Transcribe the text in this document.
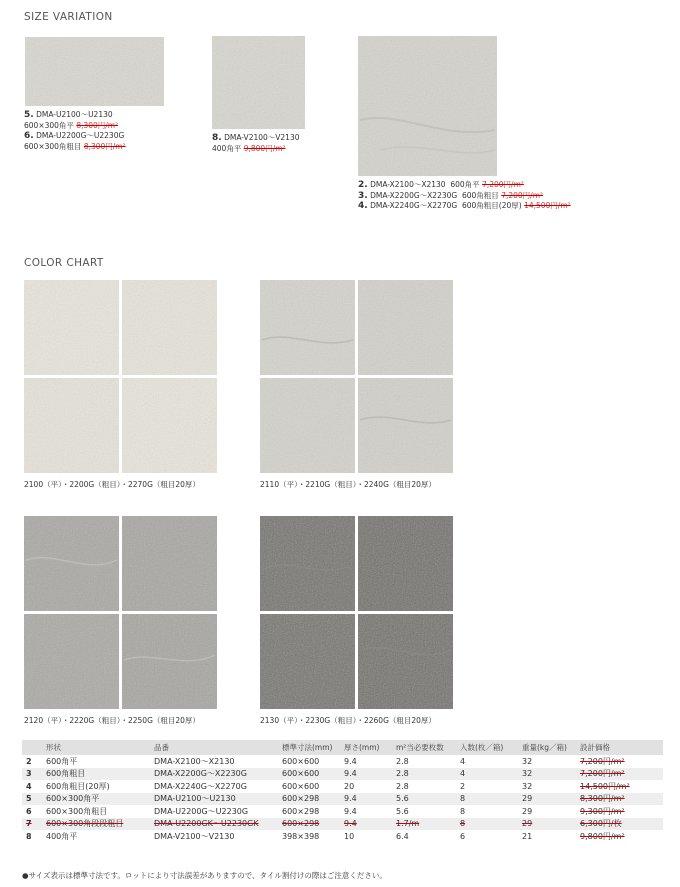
SIZE VARIATION
5. DMA-U2100～U2130
600×300角平 8,300円/m²
6. DMA-U2200G～U2230G
600×300角粗目 8,300円/m²
8. DMA-V2100～V2130
400角平 9,800円/m²
2. DMA-X2100～X2130 600角平 7,200円/m²
3. DMA-X2200G～X2230G 600角粗目 7,200円/m²
4. DMA-X2240G～X2270G 600角粗目(20厚) 14,500円/m²
COLOR CHART
2100（平）・2200G（粗目）・2270G（粗目20厚）	2110（平）・2210G（粗目）・2240G（粗目20厚）
2120（平）・2220G（粗目）・2250G（粗目20厚）	2130（平）・2230G（粗目）・2260G（粗目20厚）
	形状	品番	標準寸法(mm)	厚さ(mm)	m²当必要枚数	入数(枚／箱)	重量(kg／箱)	設計価格
2	600角平	DMA-X2100～X2130	600×600	9.4	2.8	4	32	7,200円/m²
3	600角粗目	DMA-X2200G～X2230G	600×600	9.4	2.8	4	32	7,200円/m²
4	600角粗目(20厚)	DMA-X2240G～X2270G	600×600	20	2.8	2	32	14,500円/m²
5	600×300角平	DMA-U2100～U2130	600×298	9.4	5.6	8	29	8,300円/m²
6	600×300角粗目	DMA-U2200G～U2230G	600×298	9.4	5.6	8	29	9,300円/m²
7	600×300角段段粗目	DMA-U2200GK～U2230GK	600×298	9.4	1.7/m	8	29	6,300円/枚
8	400角平	DMA-V2100～V2130	398×398	10	6.4	6	21	9,800円/m²
●サイズ表示は標準寸法です。ロットにより寸法誤差がありますので、タイル割付けの際はご注意ください。
